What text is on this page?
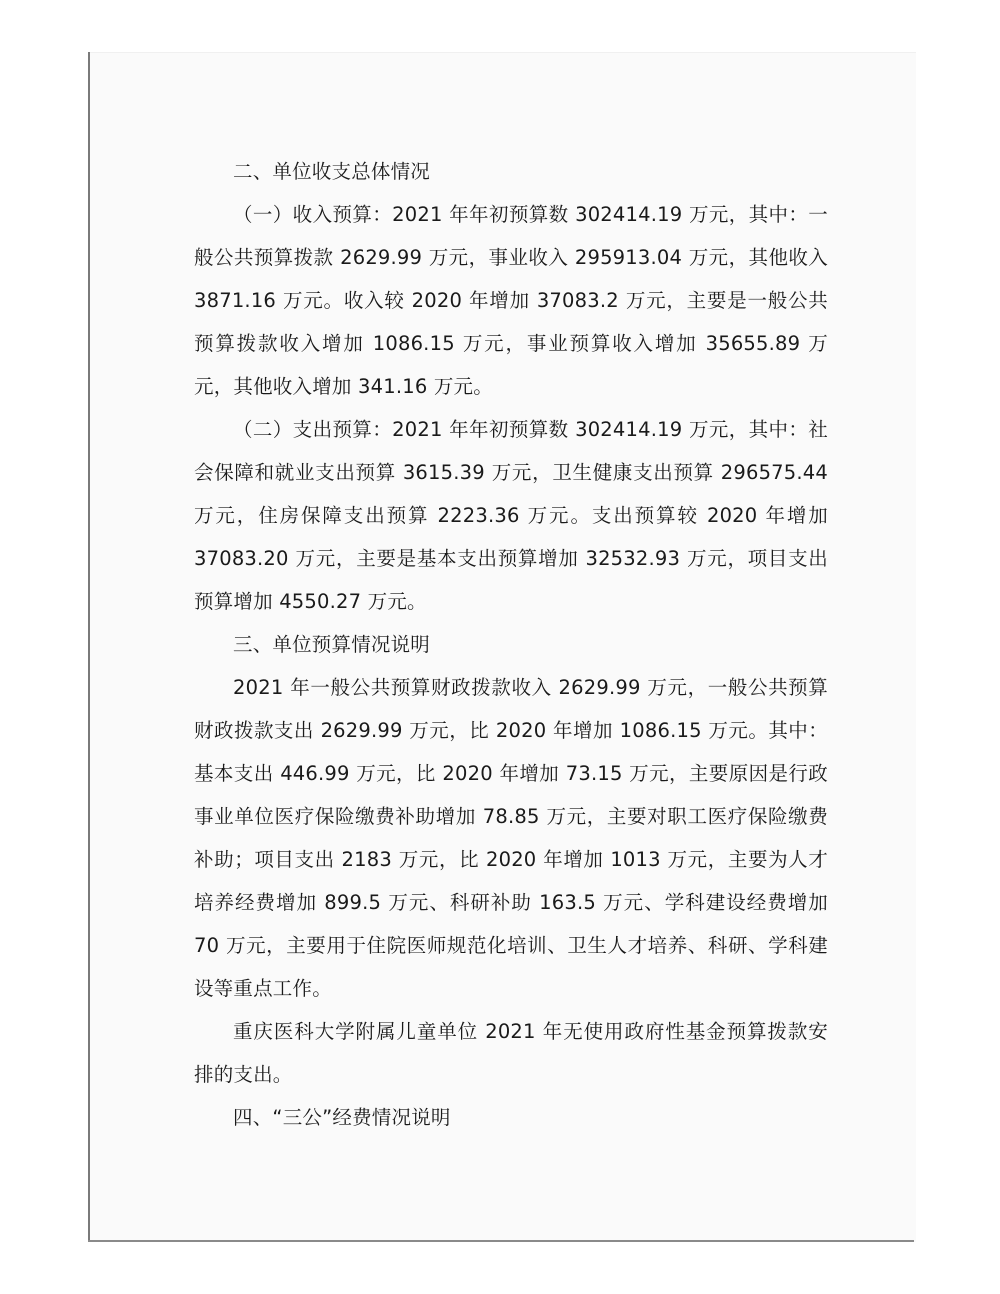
二、单位收支总体情况

（一）收入预算：2021 年年初预算数 302414.19 万元，其中：一般公共预算拨款 2629.99 万元，事业收入 295913.04 万元，其他收入 3871.16 万元。收入较 2020 年增加 37083.2 万元，主要是一般公共预算拨款收入增加 1086.15 万元，事业预算收入增加 35655.89 万元，其他收入增加 341.16 万元。

（二）支出预算：2021 年年初预算数 302414.19 万元，其中：社会保障和就业支出预算 3615.39 万元，卫生健康支出预算 296575.44 万元，住房保障支出预算 2223.36 万元。支出预算较 2020 年增加 37083.20 万元，主要是基本支出预算增加 32532.93 万元，项目支出预算增加 4550.27 万元。

三、单位预算情况说明

2021 年一般公共预算财政拨款收入 2629.99 万元，一般公共预算财政拨款支出 2629.99 万元，比 2020 年增加 1086.15 万元。其中：基本支出 446.99 万元，比 2020 年增加 73.15 万元，主要原因是行政事业单位医疗保险缴费补助增加 78.85 万元，主要对职工医疗保险缴费补助；项目支出 2183 万元，比 2020 年增加 1013 万元，主要为人才培养经费增加 899.5 万元、科研补助 163.5 万元、学科建设经费增加 70 万元，主要用于住院医师规范化培训、卫生人才培养、科研、学科建设等重点工作。

重庆医科大学附属儿童单位 2021 年无使用政府性基金预算拨款安排的支出。

四、“三公”经费情况说明
